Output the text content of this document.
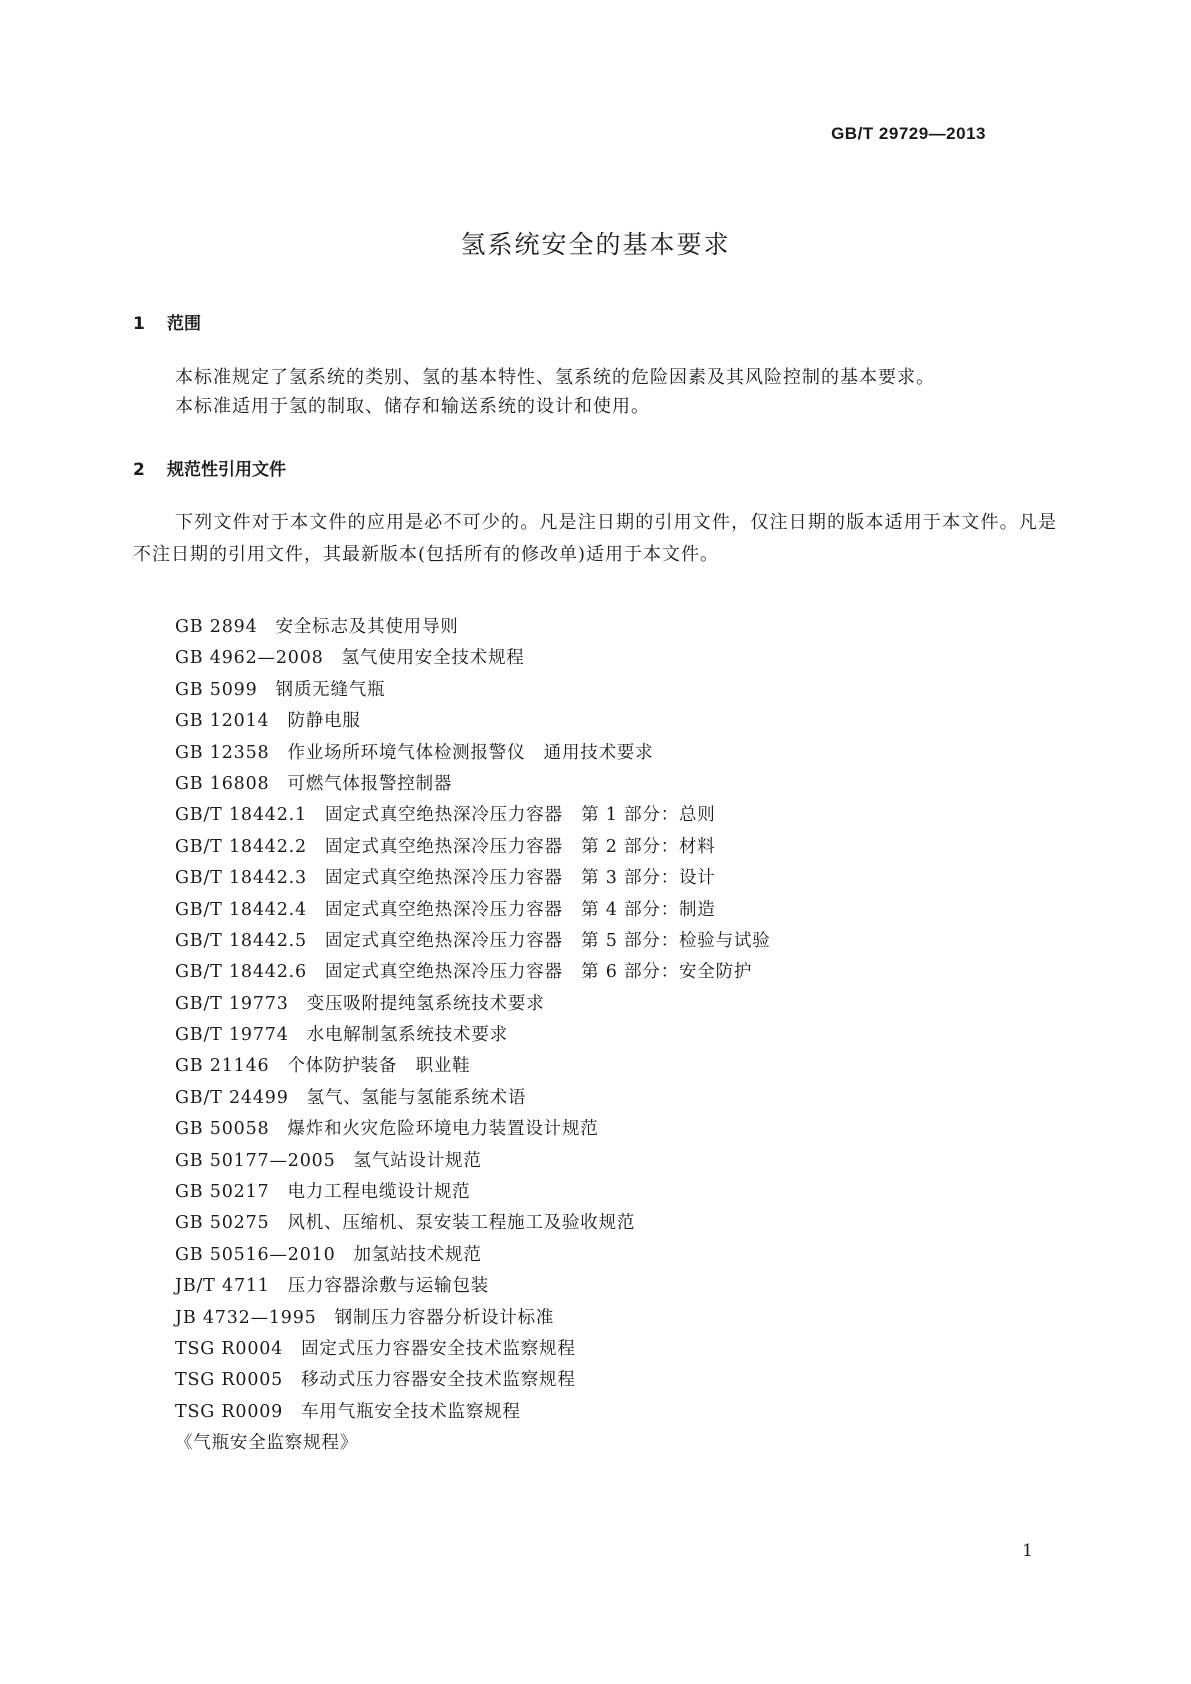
GB/T 29729—2013
氢系统安全的基本要求
1 范围
本标准规定了氢系统的类别、氢的基本特性、氢系统的危险因素及其风险控制的基本要求。
本标准适用于氢的制取、储存和输送系统的设计和使用。
2 规范性引用文件
下列文件对于本文件的应用是必不可少的。凡是注日期的引用文件，仅注日期的版本适用于本文件。凡是不注日期的引用文件，其最新版本(包括所有的修改单)适用于本文件。
GB 2894 安全标志及其使用导则
GB 4962—2008 氢气使用安全技术规程
GB 5099 钢质无缝气瓶
GB 12014 防静电服
GB 12358 作业场所环境气体检测报警仪　通用技术要求
GB 16808 可燃气体报警控制器
GB/T 18442.1 固定式真空绝热深冷压力容器　第 1 部分：总则
GB/T 18442.2 固定式真空绝热深冷压力容器　第 2 部分：材料
GB/T 18442.3 固定式真空绝热深冷压力容器　第 3 部分：设计
GB/T 18442.4 固定式真空绝热深冷压力容器　第 4 部分：制造
GB/T 18442.5 固定式真空绝热深冷压力容器　第 5 部分：检验与试验
GB/T 18442.6 固定式真空绝热深冷压力容器　第 6 部分：安全防护
GB/T 19773 变压吸附提纯氢系统技术要求
GB/T 19774 水电解制氢系统技术要求
GB 21146 个体防护装备　职业鞋
GB/T 24499 氢气、氢能与氢能系统术语
GB 50058 爆炸和火灾危险环境电力装置设计规范
GB 50177—2005 氢气站设计规范
GB 50217 电力工程电缆设计规范
GB 50275 风机、压缩机、泵安装工程施工及验收规范
GB 50516—2010 加氢站技术规范
JB/T 4711 压力容器涂敷与运输包装
JB 4732—1995 钢制压力容器分析设计标准
TSG R0004 固定式压力容器安全技术监察规程
TSG R0005 移动式压力容器安全技术监察规程
TSG R0009 车用气瓶安全技术监察规程
《气瓶安全监察规程》
1
